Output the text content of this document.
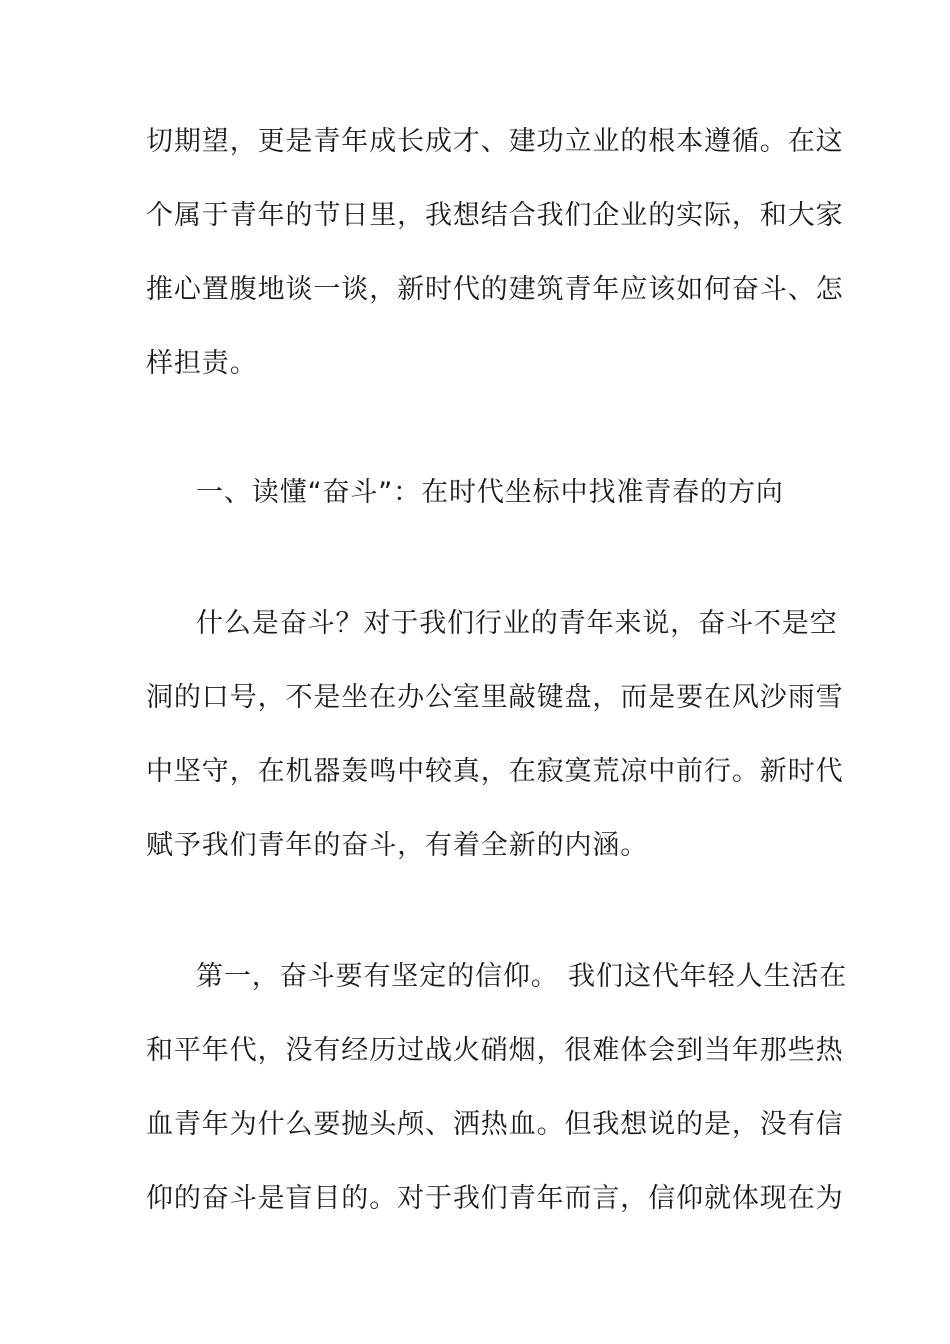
切期望，更是青年成长成才、建功立业的根本遵循。在这
个属于青年的节日里，我想结合我们企业的实际，和大家
推心置腹地谈一谈，新时代的建筑青年应该如何奋斗、怎
样担责。
一、读懂“奋斗”：在时代坐标中找准青春的方向
什么是奋斗？对于我们行业的青年来说，奋斗不是空
洞的口号，不是坐在办公室里敲键盘，而是要在风沙雨雪
中坚守，在机器轰鸣中较真，在寂寞荒凉中前行。新时代
赋予我们青年的奋斗，有着全新的内涵。
第一，奋斗要有坚定的信仰。 我们这代年轻人生活在
和平年代，没有经历过战火硝烟，很难体会到当年那些热
血青年为什么要抛头颅、洒热血。但我想说的是，没有信
仰的奋斗是盲目的。对于我们青年而言，信仰就体现在为
